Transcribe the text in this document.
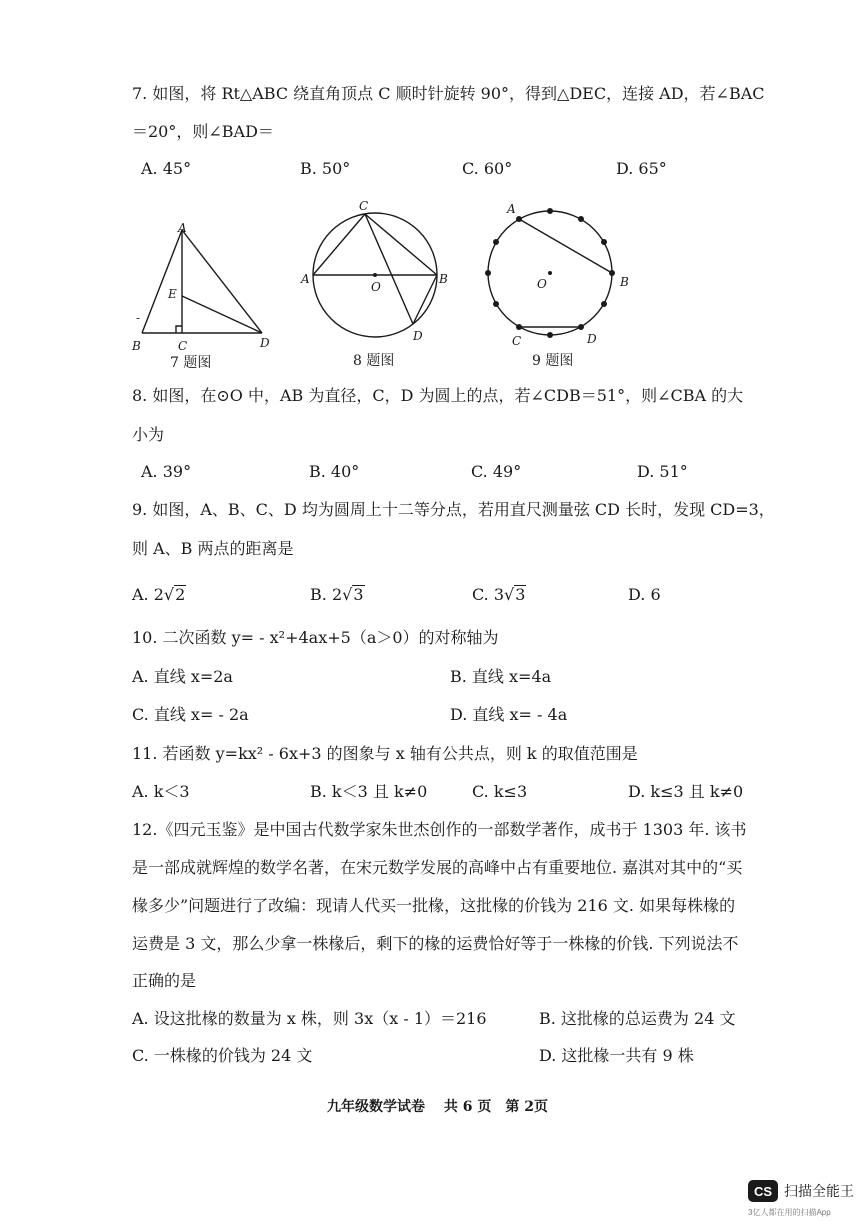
7. 如图，将 Rt△ABC 绕直角顶点 C 顺时针旋转 90°，得到△DEC，连接 AD，若∠BAC
＝20°，则∠BAD＝
A. 45°	B. 50°	C. 60°	D. 65°
A
E
B	C	D
-
7 题图
C
A
O
B
D
8 题图
A
O	B
C	D
9 题图
8. 如图，在⊙O 中，AB 为直径，C，D 为圆上的点，若∠CDB＝51°，则∠CBA 的大
小为
A. 39°	B. 40°	C. 49°	D. 51°
9. 如图，A、B、C、D 均为圆周上十二等分点，若用直尺测量弦 CD 长时，发现 CD=3，
则 A、B 两点的距离是
A. 2√2	B. 2√3	C. 3√3	D. 6
10. 二次函数 y= - x²+4ax+5（a＞0）的对称轴为
A. 直线 x=2a	B. 直线 x=4a
C. 直线 x= - 2a	D. 直线 x= - 4a
11. 若函数 y=kx² - 6x+3 的图象与 x 轴有公共点，则 k 的取值范围是
A. k＜3	B. k＜3 且 k≠0	C. k≤3	D. k≤3 且 k≠0
12.《四元玉鉴》是中国古代数学家朱世杰创作的一部数学著作，成书于 1303 年. 该书
是一部成就辉煌的数学名著，在宋元数学发展的高峰中占有重要地位. 嘉淇对其中的“买
椽多少”问题进行了改编：现请人代买一批椽，这批椽的价钱为 216 文. 如果每株椽的
运费是 3 文，那么少拿一株椽后，剩下的椽的运费恰好等于一株椽的价钱. 下列说法不
正确的是
A. 设这批椽的数量为 x 株，则 3x（x - 1）＝216	B. 这批椽的总运费为 24 文
C. 一株椽的价钱为 24 文	D. 这批椽一共有 9 株
九年级数学试卷　 共 6 页　第 2页
CS 扫描全能王
3亿人都在用的扫描App
